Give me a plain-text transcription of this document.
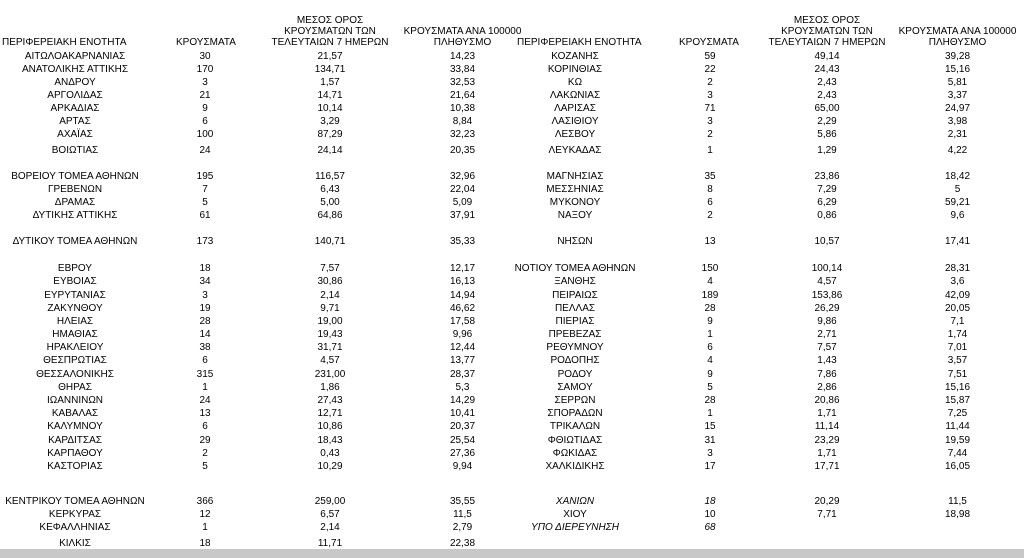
ΠΕΡΙΦΕΡΕΙΑΚΗ ΕΝΟΤΗΤΑ	ΚΡΟΥΣΜΑΤΑ
ΜΕΣΟΣ ΟΡΟΣ ΚΡΟΥΣΜΑΤΩΝ ΤΩΝ ΤΕΛΕΥΤΑΙΩΝ 7 ΗΜΕΡΩΝ
ΚΡΟΥΣΜΑΤΑ ΑΝΑ 100000 ΠΛΗΘΥΣΜΟ	ΠΕΡΙΦΕΡΕΙΑΚΗ ΕΝΟΤΗΤΑ	ΚΡΟΥΣΜΑΤΑ
ΜΕΣΟΣ ΟΡΟΣ ΚΡΟΥΣΜΑΤΩΝ ΤΩΝ ΤΕΛΕΥΤΑΙΩΝ 7 ΗΜΕΡΩΝ
ΚΡΟΥΣΜΑΤΑ ΑΝΑ 100000 ΠΛΗΘΥΣΜΟ
ΑΙΤΩΛΟΑΚΑΡΝΑΝΙΑΣ	30	21,57	14,23
ΑΝΑΤΟΛΙΚΗΣ ΑΤΤΙΚΗΣ	170	134,71	33,84
ΑΝΔΡΟΥ	3	1,57	32,53
ΑΡΓΟΛΙΔΑΣ	21	14,71	21,64
ΑΡΚΑΔΙΑΣ	9	10,14	10,38
ΑΡΤΑΣ	6	3,29	8,84
ΑΧΑΪΑΣ	100	87,29	32,23
ΒΟΙΩΤΙΑΣ	24	24,14	20,35
ΒΟΡΕΙΟΥ ΤΟΜΕΑ ΑΘΗΝΩΝ	195	116,57	32,96
ΓΡΕΒΕΝΩΝ	7	6,43	22,04
ΔΡΑΜΑΣ	5	5,00	5,09
ΔΥΤΙΚΗΣ ΑΤΤΙΚΗΣ	61	64,86	37,91
ΔΥΤΙΚΟΥ ΤΟΜΕΑ ΑΘΗΝΩΝ	173	140,71	35,33
ΕΒΡΟΥ	18	7,57	12,17
ΕΥΒΟΙΑΣ	34	30,86	16,13
ΕΥΡΥΤΑΝΙΑΣ	3	2,14	14,94
ΖΑΚΥΝΘΟΥ	19	9,71	46,62
ΗΛΕΙΑΣ	28	19,00	17,58
ΗΜΑΘΙΑΣ	14	19,43	9,96
ΗΡΑΚΛΕΙΟΥ	38	31,71	12,44
ΘΕΣΠΡΩΤΙΑΣ	6	4,57	13,77
ΘΕΣΣΑΛΟΝΙΚΗΣ	315	231,00	28,37
ΘΗΡΑΣ	1	1,86	5,3
ΙΩΑΝΝΙΝΩΝ	24	27,43	14,29
ΚΑΒΑΛΑΣ	13	12,71	10,41
ΚΑΛΥΜΝΟΥ	6	10,86	20,37
ΚΑΡΔΙΤΣΑΣ	29	18,43	25,54
ΚΑΡΠΑΘΟΥ	2	0,43	27,36
ΚΑΣΤΟΡΙΑΣ	5	10,29	9,94
ΚΕΝΤΡΙΚΟΥ ΤΟΜΕΑ ΑΘΗΝΩΝ	366	259,00	35,55
ΚΕΡΚΥΡΑΣ	12	6,57	11,5
ΚΕΦΑΛΛΗΝΙΑΣ	1	2,14	2,79
ΚΙΛΚΙΣ	18	11,71	22,38
ΚΟΖΑΝΗΣ	59	49,14	39,28
ΚΟΡΙΝΘΙΑΣ	22	24,43	15,16
ΚΩ	2	2,43	5,81
ΛΑΚΩΝΙΑΣ	3	2,43	3,37
ΛΑΡΙΣΑΣ	71	65,00	24,97
ΛΑΣΙΘΙΟΥ	3	2,29	3,98
ΛΕΣΒΟΥ	2	5,86	2,31
ΛΕΥΚΑΔΑΣ	1	1,29	4,22
ΜΑΓΝΗΣΙΑΣ	35	23,86	18,42
ΜΕΣΣΗΝΙΑΣ	8	7,29	5
ΜΥΚΟΝΟΥ	6	6,29	59,21
ΝΑΞΟΥ	2	0,86	9,6
ΝΗΣΩΝ	13	10,57	17,41
ΝΟΤΙΟΥ ΤΟΜΕΑ ΑΘΗΝΩΝ	150	100,14	28,31
ΞΑΝΘΗΣ	4	4,57	3,6
ΠΕΙΡΑΙΩΣ	189	153,86	42,09
ΠΕΛΛΑΣ	28	26,29	20,05
ΠΙΕΡΙΑΣ	9	9,86	7,1
ΠΡΕΒΕΖΑΣ	1	2,71	1,74
ΡΕΘΥΜΝΟΥ	6	7,57	7,01
ΡΟΔΟΠΗΣ	4	1,43	3,57
ΡΟΔΟΥ	9	7,86	7,51
ΣΑΜΟΥ	5	2,86	15,16
ΣΕΡΡΩΝ	28	20,86	15,87
ΣΠΟΡΑΔΩΝ	1	1,71	7,25
ΤΡΙΚΑΛΩΝ	15	11,14	11,44
ΦΘΙΩΤΙΔΑΣ	31	23,29	19,59
ΦΩΚΙΔΑΣ	3	1,71	7,44
ΧΑΛΚΙΔΙΚΗΣ	17	17,71	16,05
ΧΑΝΙΩΝ	18	20,29	11,5
ΧΙΟΥ	10	7,71	18,98
ΥΠΟ ΔΙΕΡΕΥΝΗΣΗ	68
